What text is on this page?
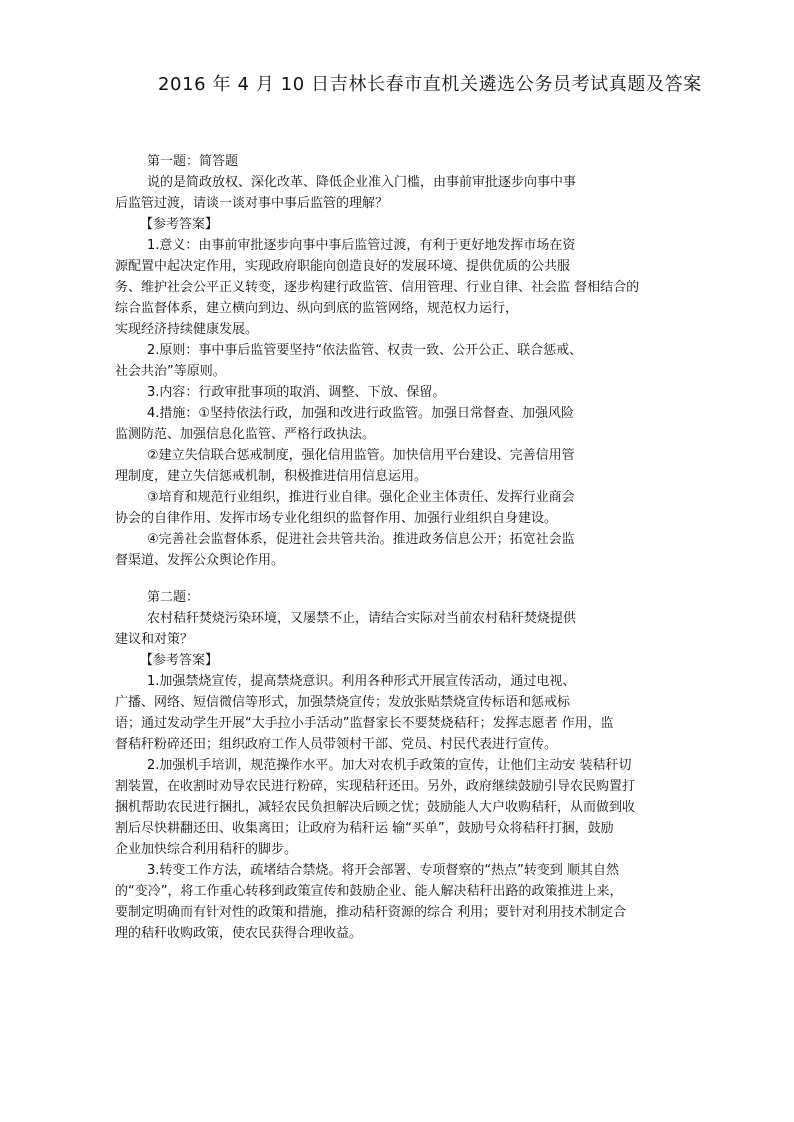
2016 年 4 月 10 日吉林长春市直机关遴选公务员考试真题及答案
第一题：简答题
说的是简政放权、深化改革、降低企业准入门槛，由事前审批逐步向事中事
后监管过渡，请谈一谈对事中事后监管的理解？
【参考答案】
1.意义：由事前审批逐步向事中事后监管过渡，有利于更好地发挥市场在资
源配置中起决定作用，实现政府职能向创造良好的发展环境、提供优质的公共服
务、维护社会公平正义转变，逐步构建行政监管、信用管理、行业自律、社会监 督相结合的
综合监督体系，建立横向到边、纵向到底的监管网络，规范权力运行，
实现经济持续健康发展。
2.原则：事中事后监管要坚持“依法监管、权责一致、公开公正、联合惩戒、
社会共治”等原则。
3.内容：行政审批事项的取消、调整、下放、保留。
4.措施：①坚持依法行政，加强和改进行政监管。加强日常督查、加强风险
监测防范、加强信息化监管、严格行政执法。
②建立失信联合惩戒制度，强化信用监管。加快信用平台建设、完善信用管
理制度，建立失信惩戒机制，积极推进信用信息运用。
③培育和规范行业组织，推进行业自律。强化企业主体责任、发挥行业商会
协会的自律作用、发挥市场专业化组织的监督作用、加强行业组织自身建设。
④完善社会监督体系，促进社会共管共治。推进政务信息公开；拓宽社会监
督渠道、发挥公众舆论作用。
第二题：
农村秸秆焚烧污染环境，又屡禁不止，请结合实际对当前农村秸秆焚烧提供
建议和对策？
【参考答案】
1.加强禁烧宣传，提高禁烧意识。利用各种形式开展宣传活动，通过电视、
广播、网络、短信微信等形式，加强禁烧宣传；发放张贴禁烧宣传标语和惩戒标
语；通过发动学生开展“大手拉小手活动”监督家长不要焚烧秸秆；发挥志愿者 作用，监
督秸秆粉碎还田；组织政府工作人员带领村干部、党员、村民代表进行宣传。
2.加强机手培训，规范操作水平。加大对农机手政策的宣传，让他们主动安 装秸秆切
割装置，在收割时劝导农民进行粉碎，实现秸秆还田。另外，政府继续鼓励引导农民购置打
捆机帮助农民进行捆扎，减轻农民负担解决后顾之忧；鼓励能人大户收购秸秆，从而做到收
割后尽快耕翻还田、收集离田；让政府为秸秆运 输“买单”，鼓励号众将秸秆打捆，鼓励
企业加快综合利用秸秆的脚步。
3.转变工作方法，疏堵结合禁烧。将开会部署、专项督察的“热点”转变到 顺其自然
的“变冷”，将工作重心转移到政策宣传和鼓励企业、能人解决秸秆出路的政策推进上来，
要制定明确而有针对性的政策和措施，推动秸秆资源的综合 利用；要针对利用技术制定合
理的秸秆收购政策，使农民获得合理收益。
